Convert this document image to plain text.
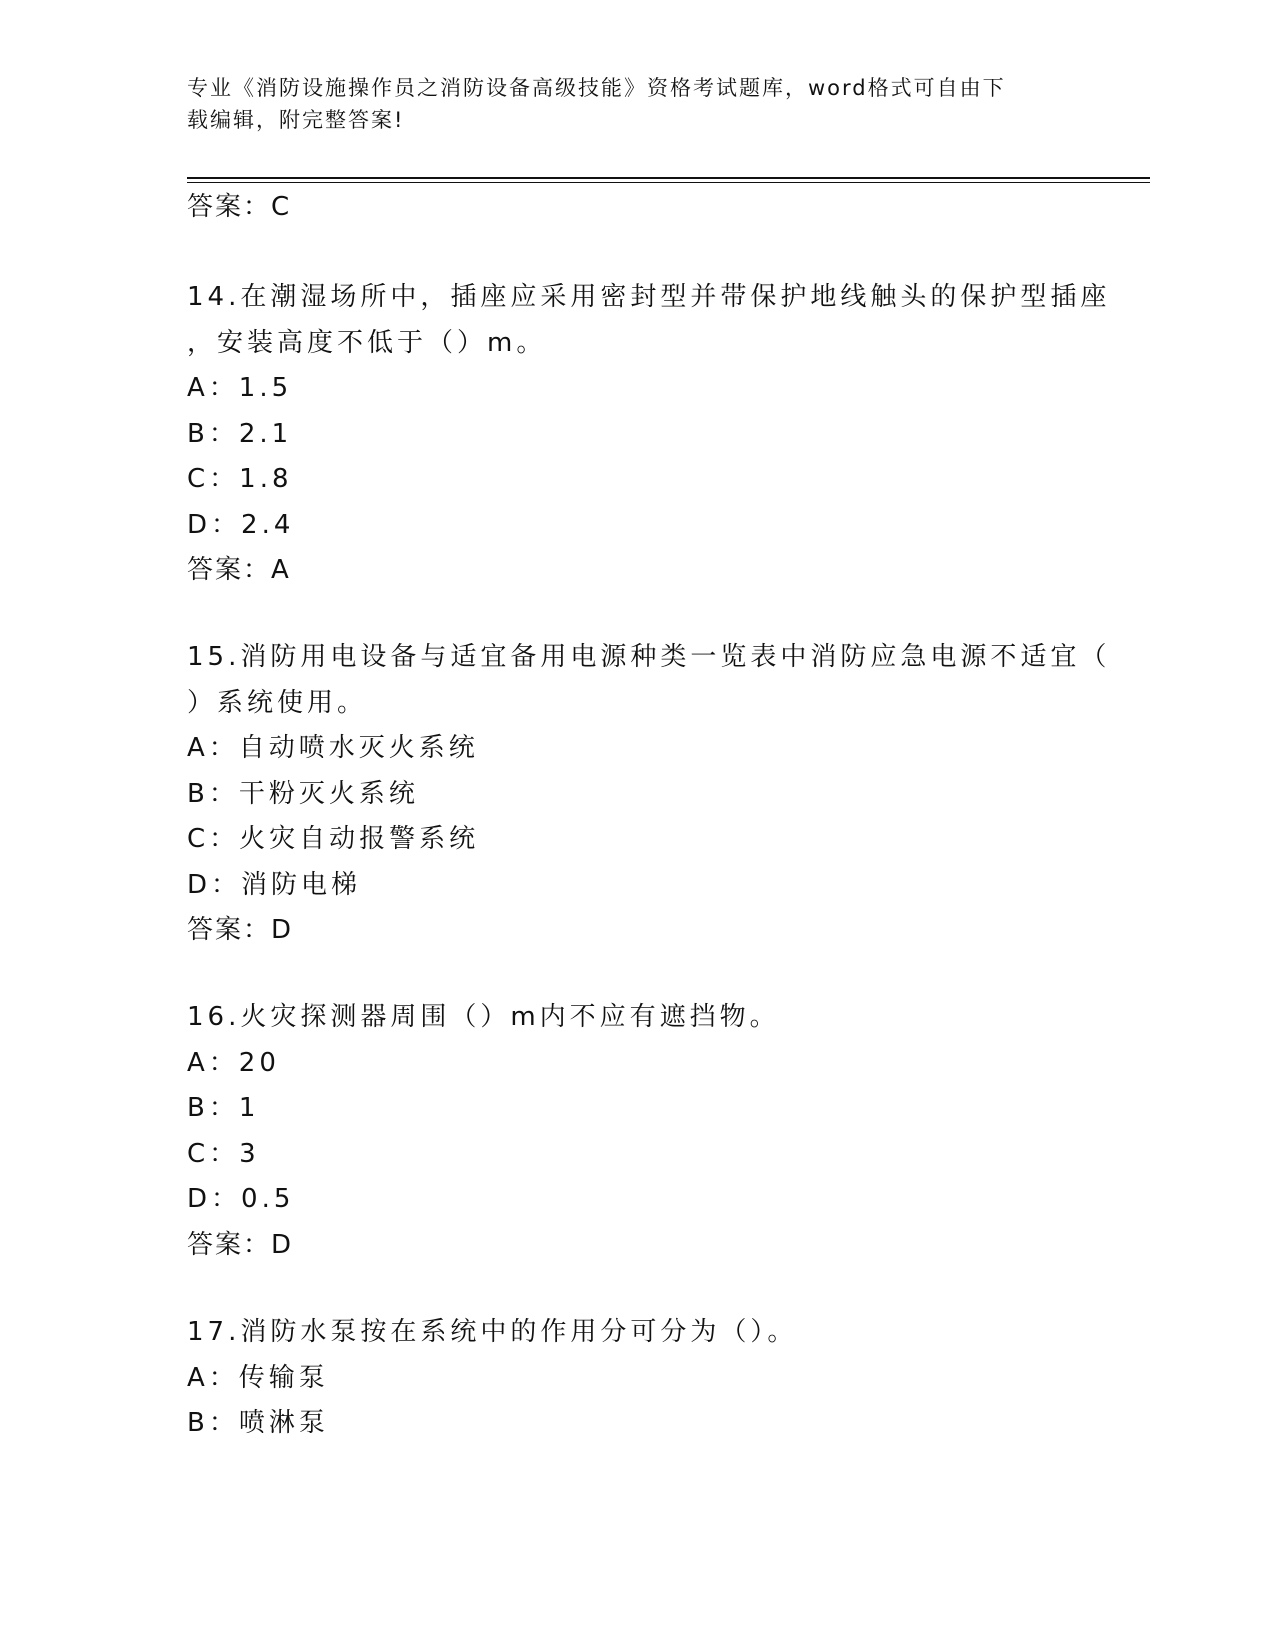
专业《消防设施操作员之消防设备高级技能》资格考试题库，word格式可自由下
载编辑，附完整答案!
答案：C
14.在潮湿场所中，插座应采用密封型并带保护地线触头的保护型插座
，安装高度不低于（）m。
A：1.5
B：2.1
C：1.8
D：2.4
答案：A
15.消防用电设备与适宜备用电源种类一览表中消防应急电源不适宜（
）系统使用。
A：自动喷水灭火系统
B：干粉灭火系统
C：火灾自动报警系统
D：消防电梯
答案：D
16.火灾探测器周围（）m内不应有遮挡物。
A：20
B：1
C：3
D：0.5
答案：D
17.消防水泵按在系统中的作用分可分为（）。
A：传输泵
B：喷淋泵
